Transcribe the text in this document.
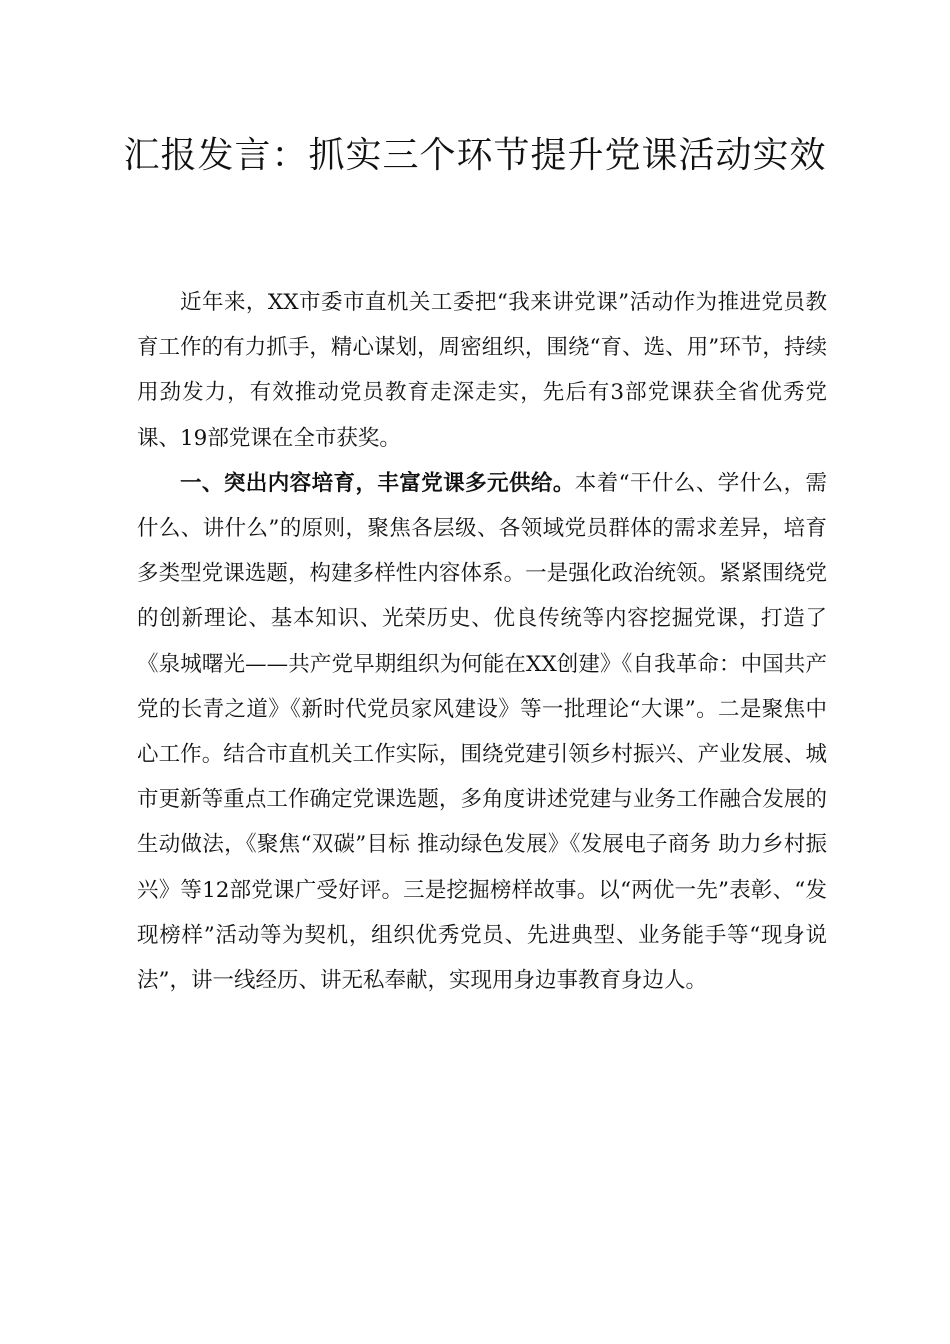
汇报发言：抓实三个环节提升党课活动实效

近年来，XX市委市直机关工委把“我来讲党课”活动作为推进党员教育工作的有力抓手，精心谋划，周密组织，围绕“育、选、用”环节，持续用劲发力，有效推动党员教育走深走实，先后有3部党课获全省优秀党课、19部党课在全市获奖。

一、突出内容培育，丰富党课多元供给。本着“干什么、学什么，需什么、讲什么”的原则，聚焦各层级、各领域党员群体的需求差异，培育多类型党课选题，构建多样性内容体系。一是强化政治统领。紧紧围绕党的创新理论、基本知识、光荣历史、优良传统等内容挖掘党课，打造了《泉城曙光——共产党早期组织为何能在XX创建》《自我革命：中国共产党的长青之道》《新时代党员家风建设》等一批理论“大课”。二是聚焦中心工作。结合市直机关工作实际，围绕党建引领乡村振兴、产业发展、城市更新等重点工作确定党课选题，多角度讲述党建与业务工作融合发展的生动做法，《聚焦“双碳”目标 推动绿色发展》《发展电子商务 助力乡村振兴》等12部党课广受好评。三是挖掘榜样故事。以“两优一先”表彰、“发现榜样”活动等为契机，组织优秀党员、先进典型、业务能手等“现身说法”，讲一线经历、讲无私奉献，实现用身边事教育身边人。
